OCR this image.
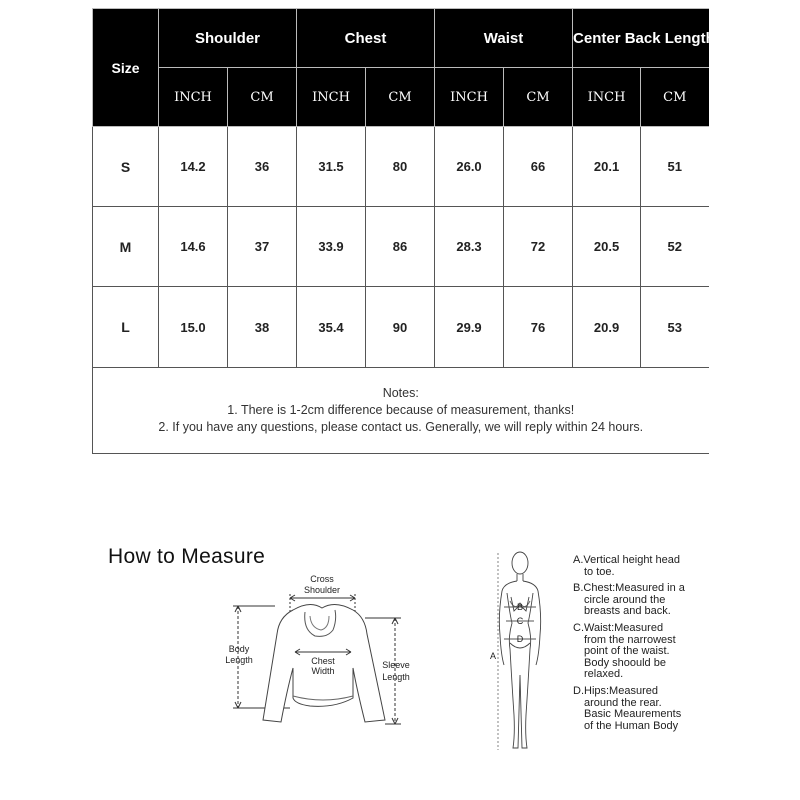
Size	Shoulder		Chest		Waist		Center Back Length	
	INCH	CM	INCH	CM	INCH	CM	INCH	CM
S	14.2	36	31.5	80	26.0	66	20.1	51
M	14.6	37	33.9	86	28.3	72	20.5	52
L	15.0	38	35.4	90	29.9	76	20.9	53

Notes:
1. There is 1-2cm difference because of measurement, thanks!
2. If you have any questions, please contact us. Generally, we will reply within 24 hours.								
How to Measure
Cross
Shoulder
Body
Length	Chest
Width
Sleeve
Length
B
C
D
A
A.Vertical height head
to toe.
B.Chest:Measured in a
circle around the
breasts and back.
C.Waist:Measured
from the narrowest
point of the waist.
Body shoould be
relaxed.
D.Hips:Measured
around the rear.
Basic Meaurements
of the Human Body
